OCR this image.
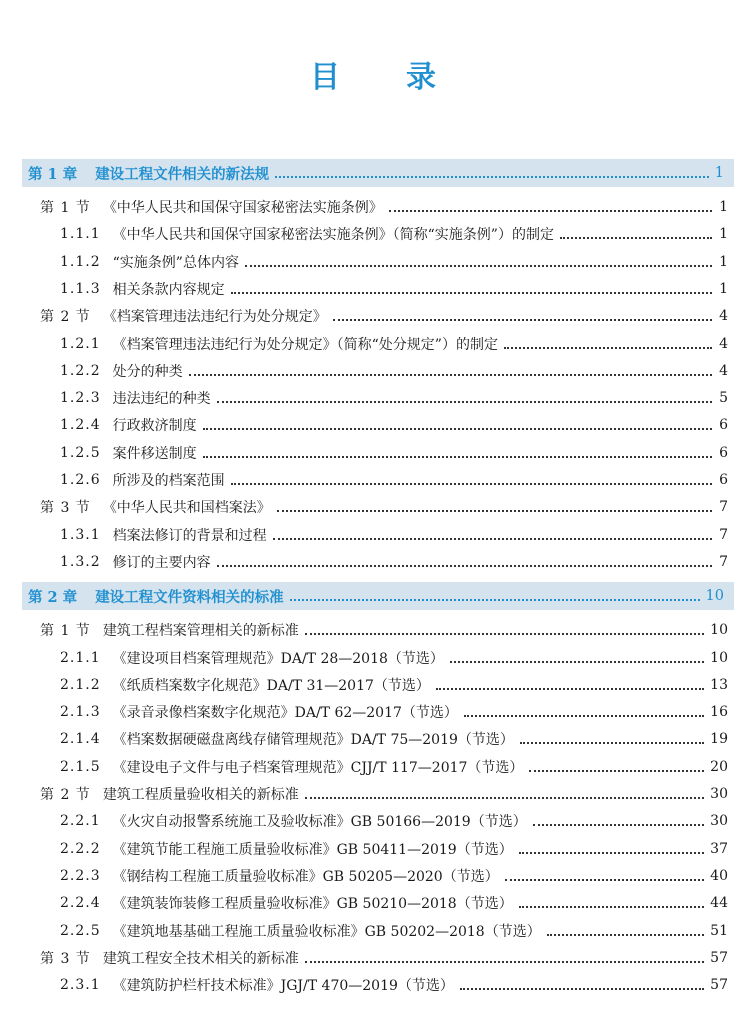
目 录
第 1 章 建设工程文件相关的新法规	1
第 1 节 《中华人民共和国保守国家秘密法实施条例》	1
1.1.1 《中华人民共和国保守国家秘密法实施条例》（简称“实施条例”）的制定	1
1.1.2 “实施条例”总体内容	1
1.1.3 相关条款内容规定	1
第 2 节 《档案管理违法违纪行为处分规定》	4
1.2.1 《档案管理违法违纪行为处分规定》（简称“处分规定”）的制定	4
1.2.2 处分的种类	4
1.2.3 违法违纪的种类	5
1.2.4 行政救济制度	6
1.2.5 案件移送制度	6
1.2.6 所涉及的档案范围	6
第 3 节 《中华人民共和国档案法》	7
1.3.1 档案法修订的背景和过程	7
1.3.2 修订的主要内容	7
第 2 章 建设工程文件资料相关的标准	10
第 1 节 建筑工程档案管理相关的新标准	10
2.1.1 《建设项目档案管理规范》DA/T 28—2018（节选）	10
2.1.2 《纸质档案数字化规范》DA/T 31—2017（节选）	13
2.1.3 《录音录像档案数字化规范》DA/T 62—2017（节选）	16
2.1.4 《档案数据硬磁盘离线存储管理规范》DA/T 75—2019（节选）	19
2.1.5 《建设电子文件与电子档案管理规范》CJJ/T 117—2017（节选）	20
第 2 节 建筑工程质量验收相关的新标准	30
2.2.1 《火灾自动报警系统施工及验收标准》GB 50166—2019（节选）	30
2.2.2 《建筑节能工程施工质量验收标准》GB 50411—2019（节选）	37
2.2.3 《钢结构工程施工质量验收标准》GB 50205—2020（节选）	40
2.2.4 《建筑装饰装修工程质量验收标准》GB 50210—2018（节选）	44
2.2.5 《建筑地基基础工程施工质量验收标准》GB 50202—2018（节选）	51
第 3 节 建筑工程安全技术相关的新标准	57
2.3.1 《建筑防护栏杆技术标准》JGJ/T 470—2019（节选）	57
